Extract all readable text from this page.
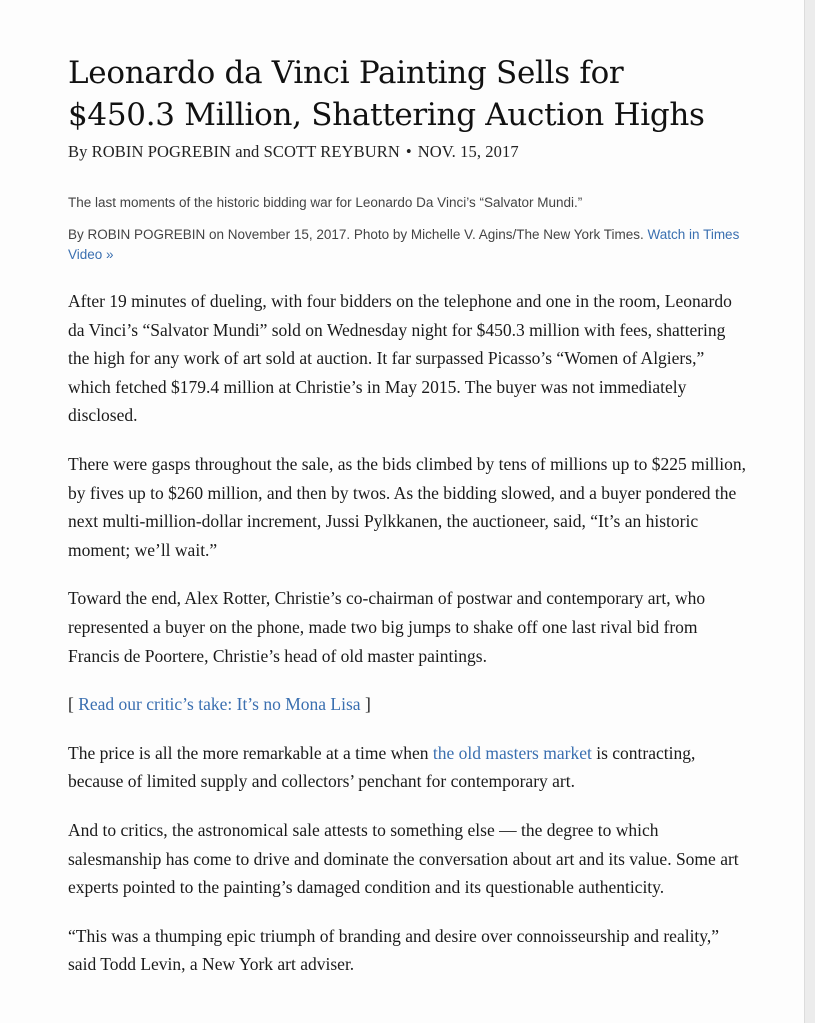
Leonardo da Vinci Painting Sells for
$450.3 Million, Shattering Auction Highs
By ROBIN POGREBIN and SCOTT REYBURN • NOV. 15, 2017
The last moments of the historic bidding war for Leonardo Da Vinci’s “Salvator Mundi.”
By ROBIN POGREBIN on November 15, 2017. Photo by Michelle V. Agins/The New York Times. Watch in Times Video »

After 19 minutes of dueling, with four bidders on the telephone and one in the room, Leonardo da Vinci’s “Salvator Mundi” sold on Wednesday night for $450.3 million with fees, shattering the high for any work of art sold at auction. It far surpassed Picasso’s “Women of Algiers,” which fetched $179.4 million at Christie’s in May 2015. The buyer was not immediately disclosed.

There were gasps throughout the sale, as the bids climbed by tens of millions up to $225 million, by fives up to $260 million, and then by twos. As the bidding slowed, and a buyer pondered the next multi-million-dollar increment, Jussi Pylkkanen, the auctioneer, said, “It’s an historic moment; we’ll wait.”

Toward the end, Alex Rotter, Christie’s co-chairman of postwar and contemporary art, who represented a buyer on the phone, made two big jumps to shake off one last rival bid from Francis de Poortere, Christie’s head of old master paintings.

[ Read our critic’s take: It’s no Mona Lisa ]

The price is all the more remarkable at a time when the old masters market is contracting, because of limited supply and collectors’ penchant for contemporary art.

And to critics, the astronomical sale attests to something else — the degree to which salesmanship has come to drive and dominate the conversation about art and its value. Some art experts pointed to the painting’s damaged condition and its questionable authenticity.

“This was a thumping epic triumph of branding and desire over connoisseurship and reality,” said Todd Levin, a New York art adviser.
